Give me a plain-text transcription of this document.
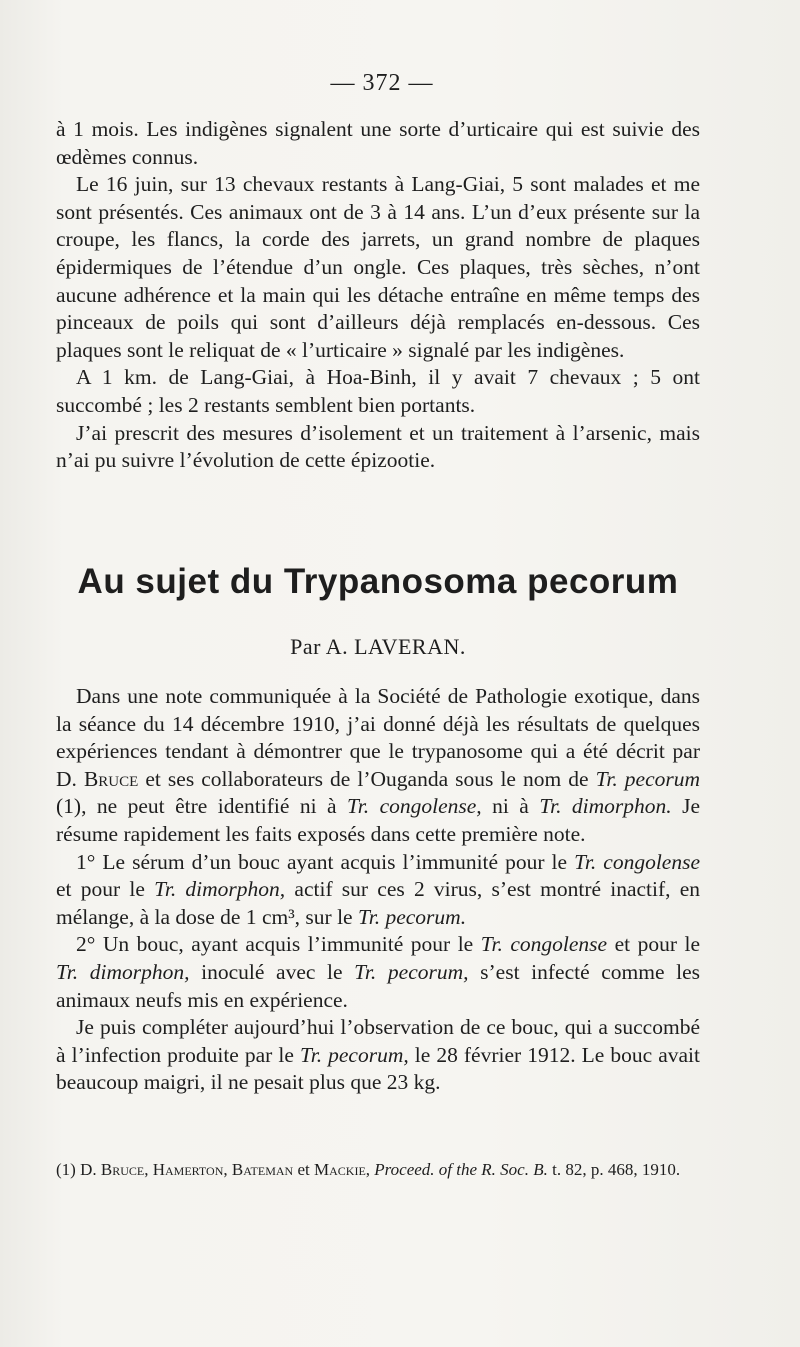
— 372 —

à 1 mois. Les indigènes signalent une sorte d’urticaire qui est suivie des œdèmes connus.

Le 16 juin, sur 13 chevaux restants à Lang-Giai, 5 sont malades et me sont présentés. Ces animaux ont de 3 à 14 ans. L’un d’eux présente sur la croupe, les flancs, la corde des jarrets, un grand nombre de plaques épidermiques de l’étendue d’un ongle. Ces plaques, très sèches, n’ont aucune adhérence et la main qui les détache entraîne en même temps des pinceaux de poils qui sont d’ailleurs déjà remplacés en-dessous. Ces plaques sont le reliquat de « l’urticaire » signalé par les indigènes.

A 1 km. de Lang-Giai, à Hoa-Binh, il y avait 7 chevaux ; 5 ont succombé ; les 2 restants semblent bien portants.

J’ai prescrit des mesures d’isolement et un traitement à l’arsenic, mais n’ai pu suivre l’évolution de cette épizootie.

Au sujet du Trypanosoma pecorum
Par A. LAVERAN.

Dans une note communiquée à la Société de Pathologie exotique, dans la séance du 14 décembre 1910, j’ai donné déjà les résultats de quelques expériences tendant à démontrer que le trypanosome qui a été décrit par D. Bruce et ses collaborateurs de l’Ouganda sous le nom de Tr. pecorum (1), ne peut être identifié ni à Tr. congolense, ni à Tr. dimorphon. Je résume rapidement les faits exposés dans cette première note.

1° Le sérum d’un bouc ayant acquis l’immunité pour le Tr. congolense et pour le Tr. dimorphon, actif sur ces 2 virus, s’est montré inactif, en mélange, à la dose de 1 cm³, sur le Tr. pecorum.

2° Un bouc, ayant acquis l’immunité pour le Tr. congolense et pour le Tr. dimorphon, inoculé avec le Tr. pecorum, s’est infecté comme les animaux neufs mis en expérience.

Je puis compléter aujourd’hui l’observation de ce bouc, qui a succombé à l’infection produite par le Tr. pecorum, le 28 février 1912. Le bouc avait beaucoup maigri, il ne pesait plus que 23 kg.

(1) D. Bruce, Hamerton, Bateman et Mackie, Proceed. of the R. Soc. B. t. 82, p. 468, 1910.
